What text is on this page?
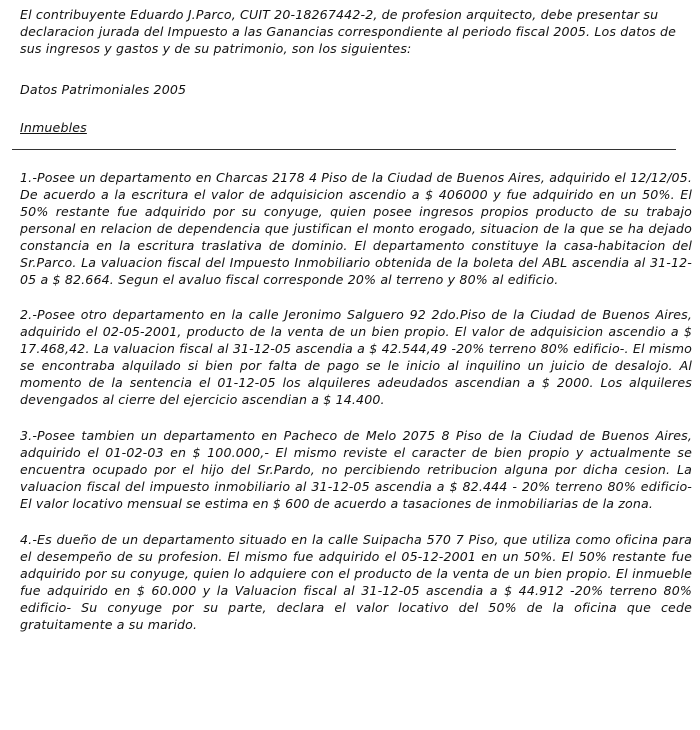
El contribuyente Eduardo J.Parco, CUIT 20-18267442-2, de profesion arquitecto, debe presentar su declaracion jurada del Impuesto a las Ganancias correspondiente al periodo fiscal 2005. Los datos de sus ingresos y gastos y de su patrimonio, son los siguientes:

Datos Patrimoniales 2005

Inmuebles

1.-Posee un departamento en Charcas 2178 4 Piso de la Ciudad de Buenos Aires, adquirido el 12/12/05. De acuerdo a la escritura el valor de adquisicion ascendio a $ 406000 y fue adquirido en un 50%. El 50% restante fue adquirido por su conyuge, quien posee ingresos propios producto de su trabajo personal en relacion de dependencia que justifican el monto erogado, situacion de la que se ha dejado constancia en la escritura traslativa de dominio. El departamento constituye la casa-habitacion del Sr.Parco. La valuacion fiscal del Impuesto Inmobiliario obtenida de la boleta del ABL ascendia al 31-12-05 a $ 82.664. Segun el avaluo fiscal corresponde 20% al terreno y 80% al edificio.

2.-Posee otro departamento en la calle Jeronimo Salguero 92 2do.Piso de la Ciudad de Buenos Aires, adquirido el 02-05-2001, producto de la venta de un bien propio. El valor de adquisicion ascendio a $ 17.468,42. La valuacion fiscal al 31-12-05 ascendia a $ 42.544,49 -20% terreno 80% edificio-. El mismo se encontraba alquilado si bien por falta de pago se le inicio al inquilino un juicio de desalojo. Al momento de la sentencia el 01-12-05 los alquileres adeudados ascendian a $ 2000. Los alquileres devengados al cierre del ejercicio ascendian a $ 14.400.

3.-Posee tambien un departamento en Pacheco de Melo 2075 8 Piso de la Ciudad de Buenos Aires, adquirido el 01-02-03 en $ 100.000,- El mismo reviste el caracter de bien propio y actualmente se encuentra ocupado por el hijo del Sr.Pardo, no percibiendo retribucion alguna por dicha cesion. La valuacion fiscal del impuesto inmobiliario al 31-12-05 ascendia a $ 82.444 - 20% terreno 80% edificio- El valor locativo mensual se estima en $ 600 de acuerdo a tasaciones de inmobiliarias de la zona.

4.-Es dueño de un departamento situado en la calle Suipacha 570 7 Piso, que utiliza como oficina para el desempeño de su profesion. El mismo fue adquirido el 05-12-2001 en un 50%. El 50% restante fue adquirido por su conyuge, quien lo adquiere con el producto de la venta de un bien propio. El inmueble fue adquirido en $ 60.000 y la Valuacion fiscal al 31-12-05 ascendia a $ 44.912 -20% terreno 80% edificio- Su conyuge por su parte, declara el valor locativo del 50% de la oficina que cede gratuitamente a su marido.
